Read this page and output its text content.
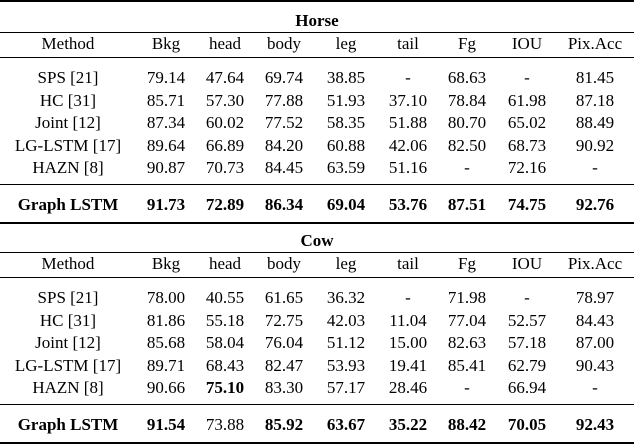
Horse
Method	Bkg	head	body	leg	tail	Fg	IOU	Pix.Acc
SPS [21]	79.14	47.64	69.74	38.85	-	68.63	-	81.45
HC [31]	85.71	57.30	77.88	51.93	37.10	78.84	61.98	87.18
Joint [12]	87.34	60.02	77.52	58.35	51.88	80.70	65.02	88.49
LG-LSTM [17]	89.64	66.89	84.20	60.88	42.06	82.50	68.73	90.92
HAZN [8]	90.87	70.73	84.45	63.59	51.16	-	72.16	-
Graph LSTM	91.73	72.89	86.34	69.04	53.76	87.51	74.75	92.76
Cow
Method	Bkg	head	body	leg	tail	Fg	IOU	Pix.Acc
SPS [21]	78.00	40.55	61.65	36.32	-	71.98	-	78.97
HC [31]	81.86	55.18	72.75	42.03	11.04	77.04	52.57	84.43
Joint [12]	85.68	58.04	76.04	51.12	15.00	82.63	57.18	87.00
LG-LSTM [17]	89.71	68.43	82.47	53.93	19.41	85.41	62.79	90.43
HAZN [8]	90.66	75.10	83.30	57.17	28.46	-	66.94	-
Graph LSTM	91.54	73.88	85.92	63.67	35.22	88.42	70.05	92.43
